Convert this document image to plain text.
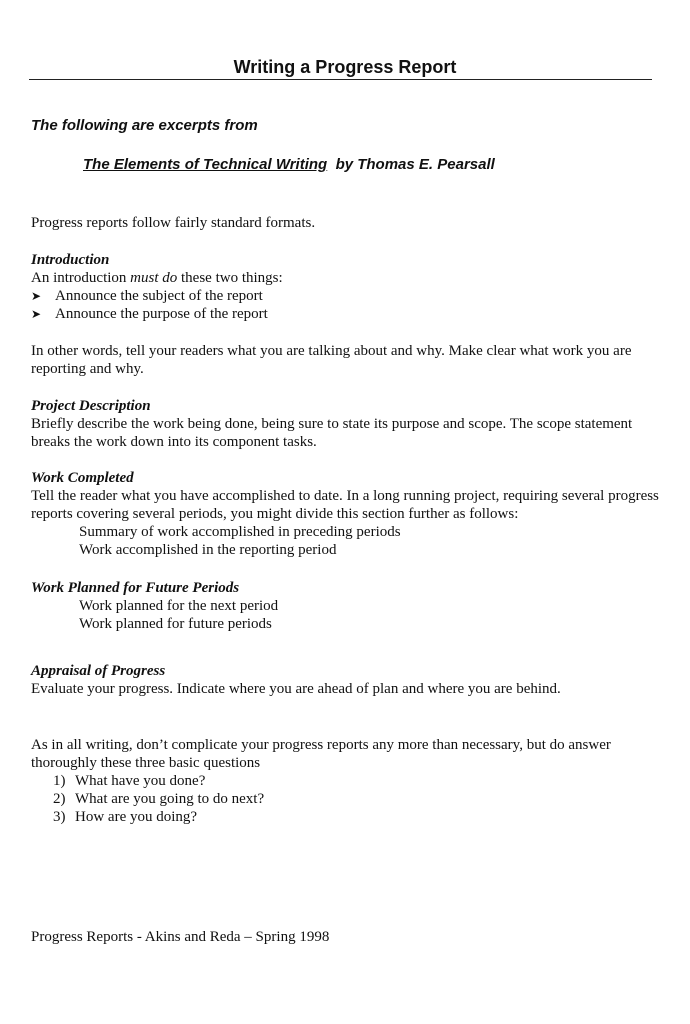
Writing a Progress Report
The following are excerpts from
The Elements of Technical Writing by Thomas E. Pearsall

Progress reports follow fairly standard formats.

Introduction
An introduction must do these two things:
➤ Announce the subject of the report
➤ Announce the purpose of the report

In other words, tell your readers what you are talking about and why. Make clear what work you are reporting and why.

Project Description
Briefly describe the work being done, being sure to state its purpose and scope. The scope statement breaks the work down into its component tasks.
Work Completed
Tell the reader what you have accomplished to date. In a long running project, requiring several progress reports covering several periods, you might divide this section further as follows:
Summary of work accomplished in preceding periods
Work accomplished in the reporting period
Work Planned for Future Periods
Work planned for the next period
Work planned for future periods
Appraisal of Progress
Evaluate your progress. Indicate where you are ahead of plan and where you are behind.
As in all writing, don’t complicate your progress reports any more than necessary, but do answer thoroughly these three basic questions
1) What have you done?
2) What are you going to do next?
3) How are you doing?

Progress Reports - Akins and Reda – Spring 1998
